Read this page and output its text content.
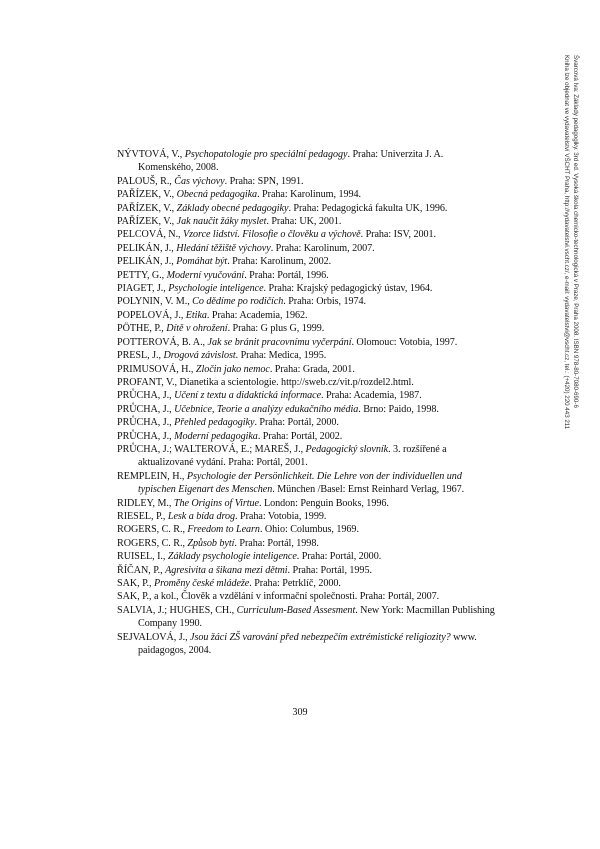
Švarcová Iva: Základy pedagogiky. 3rd ed. Vysoká škola chemicko-technologická v Praze, Praha 2008. ISBN 978-80-7080-690-6
Kniha lze objednat ve vydavatelství VŠCHT Praha, http://vydavatelstvi.vscht.cz/, e-mail: vydavatelstvi@vscht.cz, tel.: (+420) 220 443 211
NÝVTOVÁ, V., Psychopatologie pro speciální pedagogy. Praha: Univerzita J. A. Komenského, 2008.
PALOUŠ, R., Čas výchovy. Praha: SPN, 1991.
PAŘÍZEK, V., Obecná pedagogika. Praha: Karolinum, 1994.
PAŘÍZEK, V., Základy obecné pedagogiky. Praha: Pedagogická fakulta UK, 1996.
PAŘÍZEK, V., Jak naučit žáky myslet. Praha: UK, 2001.
PELCOVÁ, N., Vzorce lidství. Filosofie o člověku a výchově. Praha: ISV, 2001.
PELIKÁN, J., Hledání těžiště výchovy. Praha: Karolinum, 2007.
PELIKÁN, J., Pomáhat být. Praha: Karolinum, 2002.
PETTY, G., Moderní vyučování. Praha: Portál, 1996.
PIAGET, J., Psychologie inteligence. Praha: Krajský pedagogický ústav, 1964.
POLYNIN, V. M., Co dědíme po rodičích. Praha: Orbis, 1974.
POPELOVÁ, J., Etika. Praha: Academia, 1962.
PÖTHE, P., Dítě v ohrožení. Praha: G plus G, 1999.
POTTEROVÁ, B. A., Jak se bránit pracovnímu vyčerpání. Olomouc: Votobia, 1997.
PRESL, J., Drogová závislost. Praha: Medica, 1995.
PRIMUSOVÁ, H., Zločin jako nemoc. Praha: Grada, 2001.
PROFANT, V., Dianetika a scientologie. http://sweb.cz/vit.p/rozdel2.html.
PRŮCHA, J., Učení z textu a didaktická informace. Praha: Academia, 1987.
PRŮCHA, J., Učebnice, Teorie a analýzy edukačního média. Brno: Paido, 1998.
PRŮCHA, J., Přehled pedagogiky. Praha: Portál, 2000.
PRŮCHA, J., Moderní pedagogika. Praha: Portál, 2002.
PRŮCHA, J.; WALTEROVÁ, E.; MAREŠ, J., Pedagogický slovník. 3. rozšířené a aktualizované vydání. Praha: Portál, 2001.
REMPLEIN, H., Psychologie der Persönlichkeit. Die Lehre von der individuellen und typischen Eigenart des Menschen. München /Basel: Ernst Reinhard Verlag, 1967.
RIDLEY, M., The Origins of Virtue. London: Penguin Books, 1996.
RIESEL, P., Lesk a bída drog. Praha: Votobia, 1999.
ROGERS, C. R., Freedom to Learn. Ohio: Columbus, 1969.
ROGERS, C. R., Způsob bytí. Praha: Portál, 1998.
RUISEL, I., Základy psychologie inteligence. Praha: Portál, 2000.
ŘÍČAN, P., Agresivita a šikana mezi dětmi. Praha: Portál, 1995.
SAK, P., Proměny české mládeže. Praha: Petrklíč, 2000.
SAK, P., a kol., Člověk a vzdělání v informační společnosti. Praha: Portál, 2007.
SALVIA, J.; HUGHES, CH., Curriculum-Based Assesment. New York: Macmillan Publishing Company 1990.
SEJVALOVÁ, J., Jsou žáci ZŠ varování před nebezpečím extrémistické religiozity? www. paidagogos, 2004.
309
